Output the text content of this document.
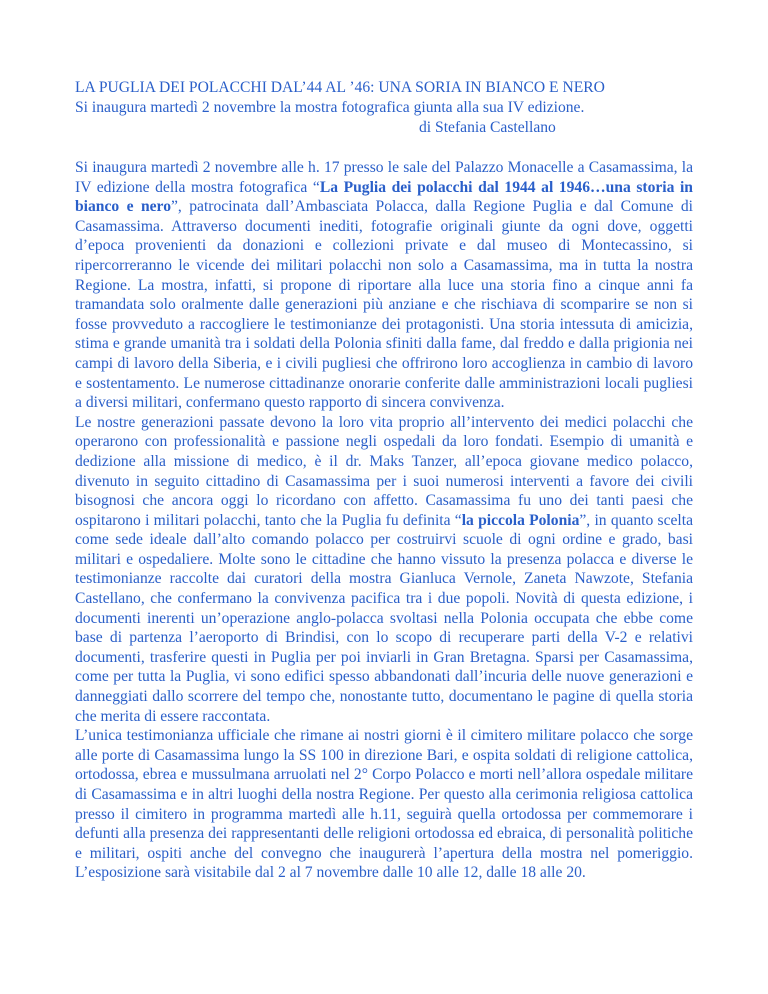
LA PUGLIA DEI POLACCHI DAL’44 AL ’46: UNA SORIA IN BIANCO E NERO
Si inaugura martedì 2 novembre la mostra fotografica giunta alla sua IV edizione.
di Stefania Castellano

Si inaugura martedì 2 novembre alle h. 17 presso le sale del Palazzo Monacelle a Casamassima, la IV edizione della mostra fotografica “La Puglia dei polacchi dal 1944 al 1946…una storia in bianco e nero”, patrocinata dall’Ambasciata Polacca, dalla Regione Puglia e dal Comune di Casamassima. Attraverso documenti inediti, fotografie originali giunte da ogni dove, oggetti d’epoca provenienti da donazioni e collezioni private e dal museo di Montecassino, si ripercorreranno le vicende dei militari polacchi non solo a Casamassima, ma in tutta la nostra Regione. La mostra, infatti, si propone di riportare alla luce una storia fino a cinque anni fa tramandata solo oralmente dalle generazioni più anziane e che rischiava di scomparire se non si fosse provveduto a raccogliere le testimonianze dei protagonisti. Una storia intessuta di amicizia, stima e grande umanità tra i soldati della Polonia sfiniti dalla fame, dal freddo e dalla prigionia nei campi di lavoro della Siberia, e i civili pugliesi che offrirono loro accoglienza in cambio di lavoro e sostentamento. Le numerose cittadinanze onorarie conferite dalle amministrazioni locali pugliesi a diversi militari, confermano questo rapporto di sincera convivenza.

Le nostre generazioni passate devono la loro vita proprio all’intervento dei medici polacchi che operarono con professionalità e passione negli ospedali da loro fondati. Esempio di umanità e dedizione alla missione di medico, è il dr. Maks Tanzer, all’epoca giovane medico polacco, divenuto in seguito cittadino di Casamassima per i suoi numerosi interventi a favore dei civili bisognosi che ancora oggi lo ricordano con affetto. Casamassima fu uno dei tanti paesi che ospitarono i militari polacchi, tanto che la Puglia fu definita “la piccola Polonia”, in quanto scelta come sede ideale dall’alto comando polacco per costruirvi scuole di ogni ordine e grado, basi militari e ospedaliere. Molte sono le cittadine che hanno vissuto la presenza polacca e diverse le testimonianze raccolte dai curatori della mostra Gianluca Vernole, Zaneta Nawzote, Stefania Castellano, che confermano la convivenza pacifica tra i due popoli. Novità di questa edizione, i documenti inerenti un’operazione anglo-polacca svoltasi nella Polonia occupata che ebbe come base di partenza l’aeroporto di Brindisi, con lo scopo di recuperare parti della V-2 e relativi documenti, trasferire questi in Puglia per poi inviarli in Gran Bretagna. Sparsi per Casamassima, come per tutta la Puglia, vi sono edifici spesso abbandonati dall’incuria delle nuove generazioni e danneggiati dallo scorrere del tempo che, nonostante tutto, documentano le pagine di quella storia che merita di essere raccontata.

L’unica testimonianza ufficiale che rimane ai nostri giorni è il cimitero militare polacco che sorge alle porte di Casamassima lungo la SS 100 in direzione Bari, e ospita soldati di religione cattolica, ortodossa, ebrea e mussulmana arruolati nel 2° Corpo Polacco e morti nell’allora ospedale militare di Casamassima e in altri luoghi della nostra Regione. Per questo alla cerimonia religiosa cattolica presso il cimitero in programma martedì alle h.11, seguirà quella ortodossa per commemorare i defunti alla presenza dei rappresentanti delle religioni ortodossa ed ebraica, di personalità politiche e militari, ospiti anche del convegno che inaugurerà l’apertura della mostra nel pomeriggio. L’esposizione sarà visitabile dal 2 al 7 novembre dalle 10 alle 12, dalle 18 alle 20.
